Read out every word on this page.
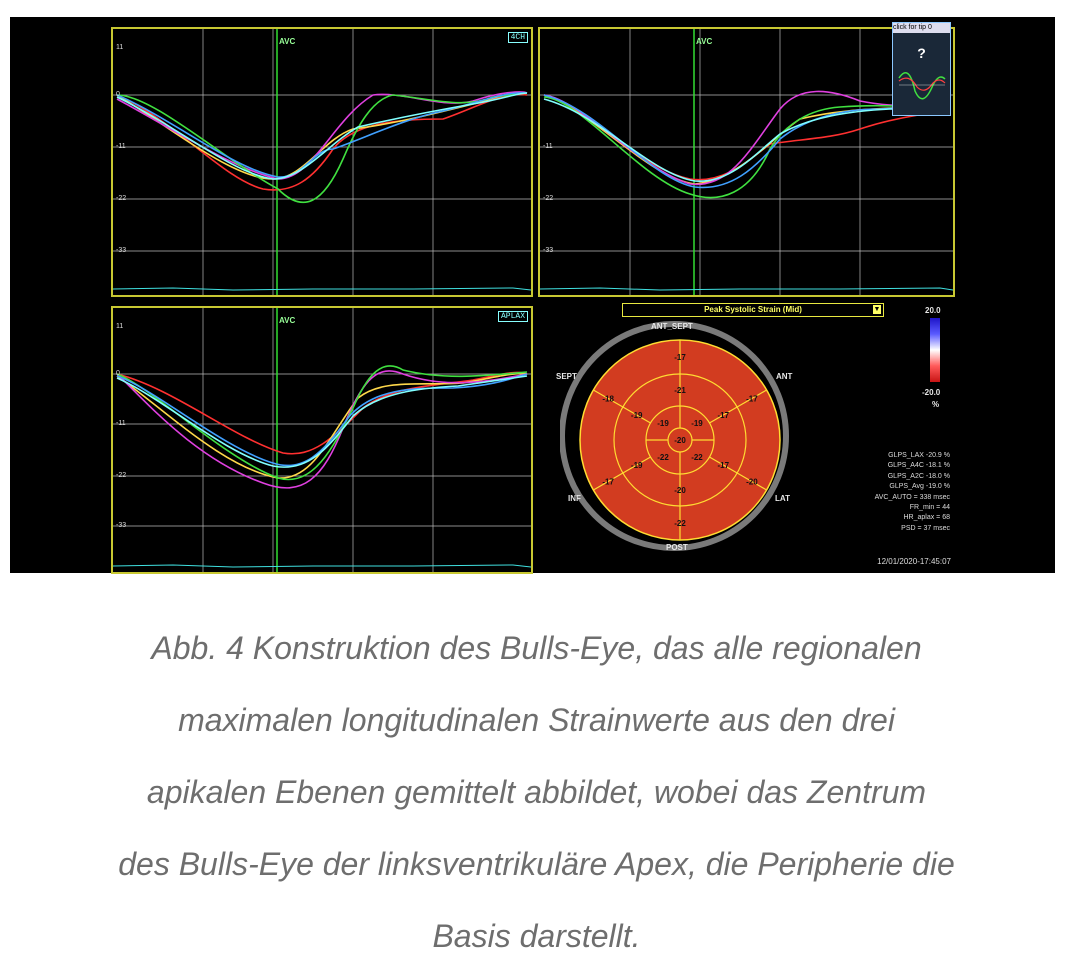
4CH
AVC
11
0
-11
-22
-33
AVC
-11
-22
-33
APLAX
AVC
11
0
-11
-22
-33
click for tip 0
?
Peak Systolic Strain (Mid)	▼
-17
-17
-20
-22
-17
-18
-21
-17
-17
-20
-19
-19
-19	-19
-22
-22
-20
ANT_SEPT
SEPT	ANT
INF	LAT
POST
20.0
-20.0
%
GLPS_LAX -20.9 %
GLPS_A4C -18.1 %
GLPS_A2C -18.0 %
GLPS_Avg -19.0 %
AVC_AUTO = 338 msec
FR_min = 44
HR_aplax = 68
PSD = 37 msec
12/01/2020-17:45:07
Abb. 4 Konstruktion des Bulls-Eye, das alle regionalen
maximalen longitudinalen Strainwerte aus den drei
apikalen Ebenen gemittelt abbildet, wobei das Zentrum
des Bulls-Eye der linksventrikuläre Apex, die Peripherie die
Basis darstellt.
